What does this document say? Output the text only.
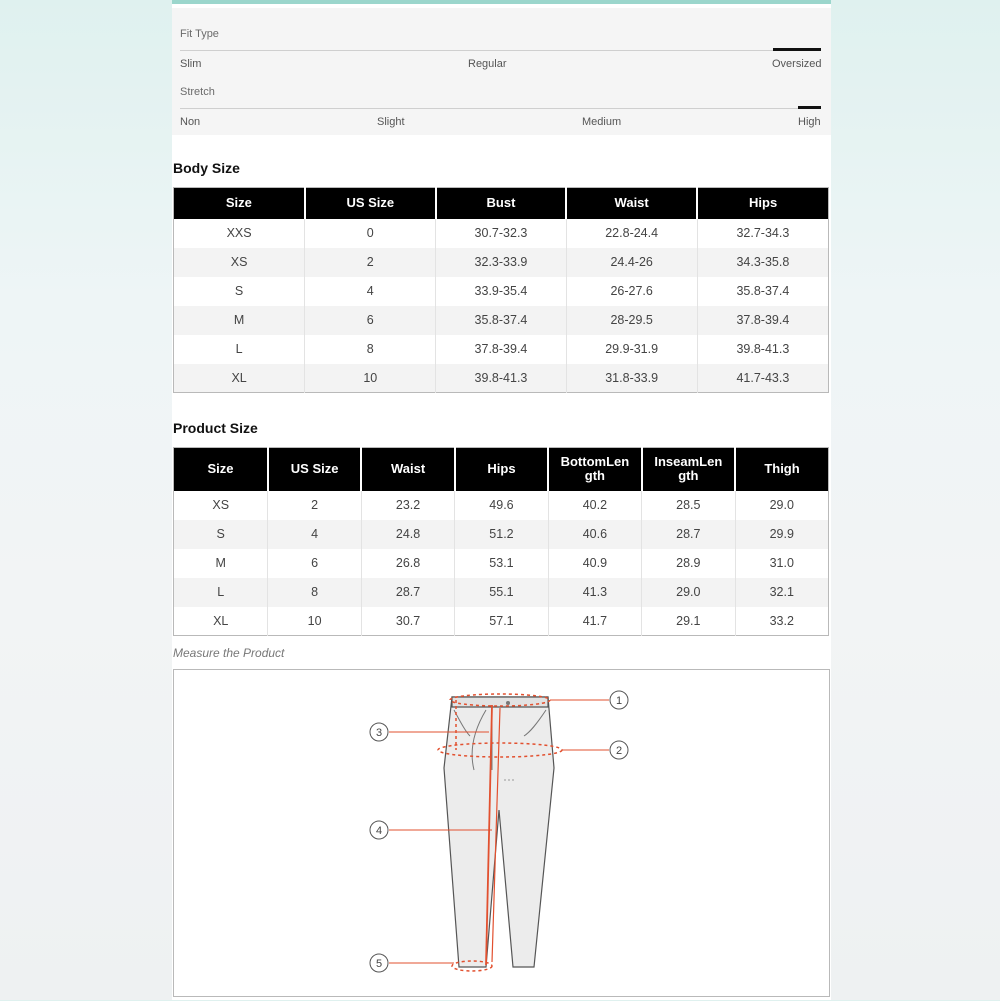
Fit Type
Slim	Regular	Oversized
Stretch
Non	Slight	Medium	High
Body Size
Size	US Size	Bust	Waist	Hips
XXS	0	30.7-32.3	22.8-24.4	32.7-34.3
XS	2	32.3-33.9	24.4-26	34.3-35.8
S	4	33.9-35.4	26-27.6	35.8-37.4
M	6	35.8-37.4	28-29.5	37.8-39.4
L	8	37.8-39.4	29.9-31.9	39.8-41.3
XL	10	39.8-41.3	31.8-33.9	41.7-43.3
Product Size
Size	US Size	Waist	Hips	BottomLen gth	InseamLen gth	Thigh
XS	2	23.2	49.6	40.2	28.5	29.0
S	4	24.8	51.2	40.6	28.7	29.9
M	6	26.8	53.1	40.9	28.9	31.0
L	8	28.7	55.1	41.3	29.0	32.1
XL	10	30.7	57.1	41.7	29.1	33.2
Measure the Product
1
2
3
4
5
